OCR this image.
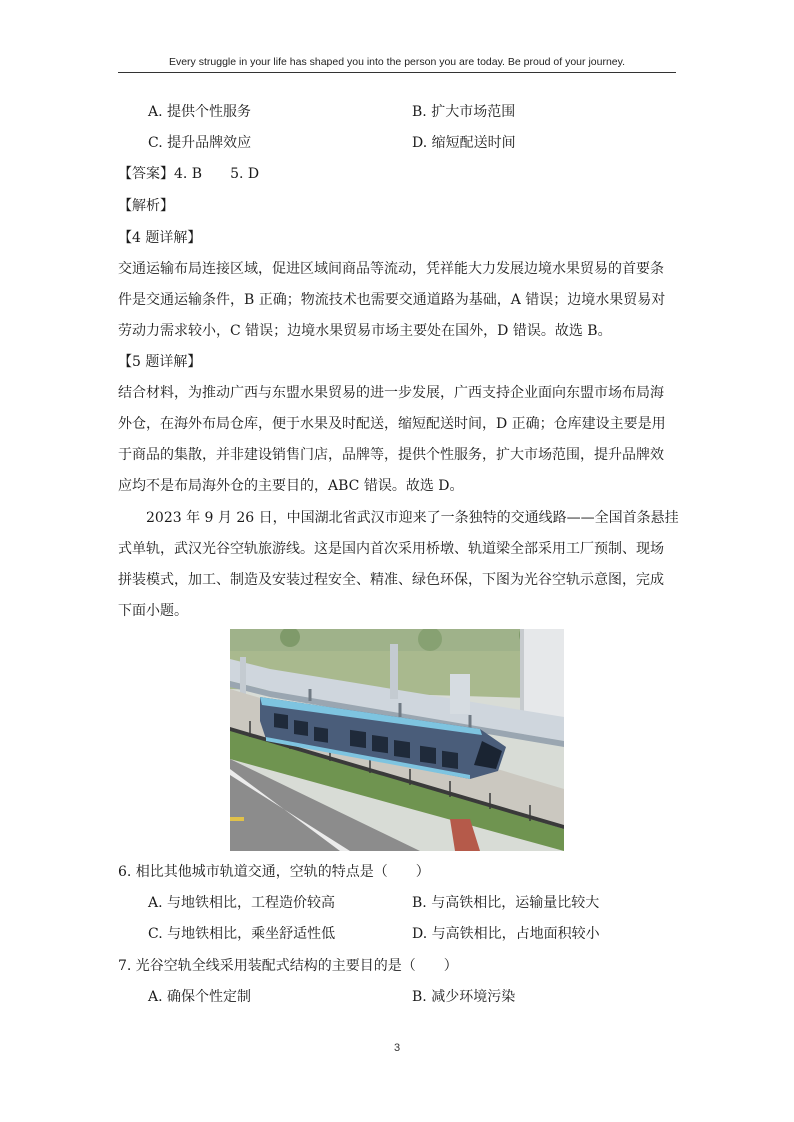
Every struggle in your life has shaped you into the person you are today. Be proud of your journey.
A. 提供个性服务	B. 扩大市场范围
C. 提升品牌效应	D. 缩短配送时间
【答案】4. B　　5. D
【解析】
【4 题详解】
交通运输布局连接区域，促进区域间商品等流动，凭祥能大力发展边境水果贸易的首要条
件是交通运输条件，B 正确；物流技术也需要交通道路为基础，A 错误；边境水果贸易对
劳动力需求较小，C 错误；边境水果贸易市场主要处在国外，D 错误。故选 B。
【5 题详解】
结合材料，为推动广西与东盟水果贸易的进一步发展，广西支持企业面向东盟市场布局海
外仓，在海外布局仓库，便于水果及时配送，缩短配送时间，D 正确；仓库建设主要是用
于商品的集散，并非建设销售门店，品牌等，提供个性服务，扩大市场范围，提升品牌效
应均不是布局海外仓的主要目的，ABC 错误。故选 D。
2023 年 9 月 26 日，中国湖北省武汉市迎来了一条独特的交通线路——全国首条悬挂
式单轨，武汉光谷空轨旅游线。这是国内首次采用桥墩、轨道梁全部采用工厂预制、现场
拼装模式，加工、制造及安装过程安全、精准、绿色环保，下图为光谷空轨示意图，完成
下面小题。
6. 相比其他城市轨道交通，空轨的特点是（　　）
A. 与地铁相比，工程造价较高	B. 与高铁相比，运输量比较大
C. 与地铁相比，乘坐舒适性低	D. 与高铁相比，占地面积较小
7. 光谷空轨全线采用装配式结构的主要目的是（　　）
A. 确保个性定制	B. 减少环境污染
3
